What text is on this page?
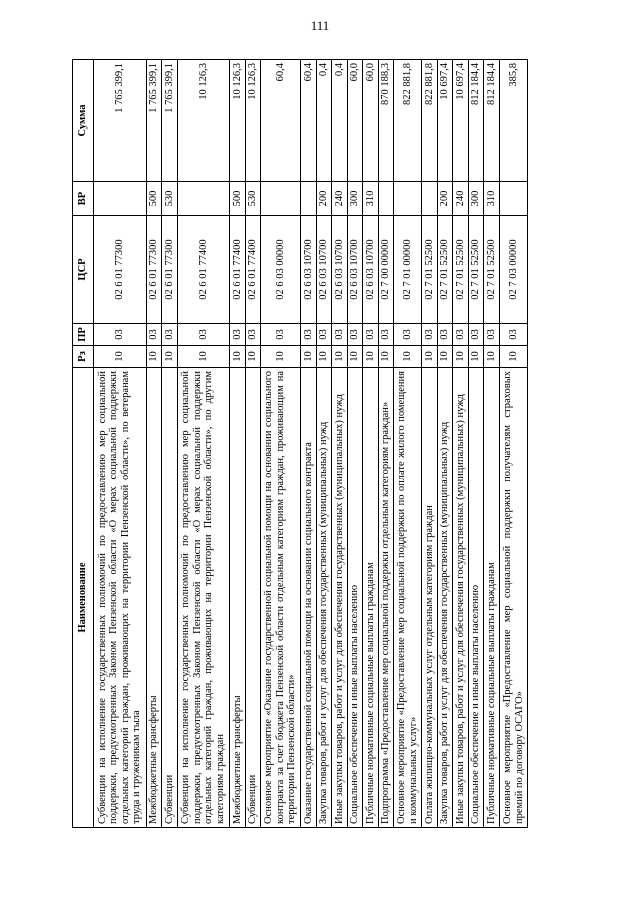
111
Наименование	Рз	ПР	ЦСР	ВР	Сумма
Субвенции на исполнение государственных полномочий по предоставлению мер социальной поддержки, предусмотренных Законом Пензенской области «О мерах социальной поддержки отдельных категорий граждан, проживающих на территории Пензенской области», по ветеранам труда и труженикам тыла	10	03	02 6 01 77300		1 765 399,1
Межбюджетные трансферты	10	03	02 6 01 77300	500	1 765 399,1
Субвенции	10	03	02 6 01 77300	530	1 765 399,1
Субвенции на исполнение государственных полномочий по предоставлению мер социальной поддержки, предусмотренных Законом Пензенской области «О мерах социальной поддержки отдельных категорий граждан, проживающих на территории Пензенской области», по другим категориям граждан	10	03	02 6 01 77400		10 126,3
Межбюджетные трансферты	10	03	02 6 01 77400	500	10 126,3
Субвенции	10	03	02 6 01 77400	530	10 126,3
Основное мероприятие «Оказание государственной социальной помощи на основании социального контракта за счет бюджета Пензенской области отдельным категориям граждан, проживающим на территории Пензенской области»	10	03	02 6 03 00000		60,4
Оказание государственной социальной помощи на основании социального контракта	10	03	02 6 03 10700		60,4
Закупка товаров, работ и услуг для обеспечения государственных (муниципальных) нужд	10	03	02 6 03 10700	200	0,4
Иные закупки товаров, работ и услуг для обеспечения государственных (муниципальных) нужд	10	03	02 6 03 10700	240	0,4
Социальное обеспечение и иные выплаты населению	10	03	02 6 03 10700	300	60,0
Публичные нормативные социальные выплаты гражданам	10	03	02 6 03 10700	310	60,0
Подпрограмма «Предоставление мер социальной поддержки отдельным категориям граждан»	10	03	02 7 00 00000		870 188,3
Основное мероприятие «Предоставление мер социальной поддержки по оплате жилого помещения и коммунальных услуг»	10	03	02 7 01 00000		822 881,8
Оплата жилищно-коммунальных услуг отдельным категориям граждан	10	03	02 7 01 52500		822 881,8
Закупка товаров, работ и услуг для обеспечения государственных (муниципальных) нужд	10	03	02 7 01 52500	200	10 697,4
Иные закупки товаров, работ и услуг для обеспечения государственных (муниципальных) нужд	10	03	02 7 01 52500	240	10 697,4
Социальное обеспечение и иные выплаты населению	10	03	02 7 01 52500	300	812 184,4
Публичные нормативные социальные выплаты гражданам	10	03	02 7 01 52500	310	812 184,4
Основное мероприятие «Предоставление мер социальной поддержки получателям страховых премий по договору ОСАГО»	10	03	02 7 03 00000		385,8
